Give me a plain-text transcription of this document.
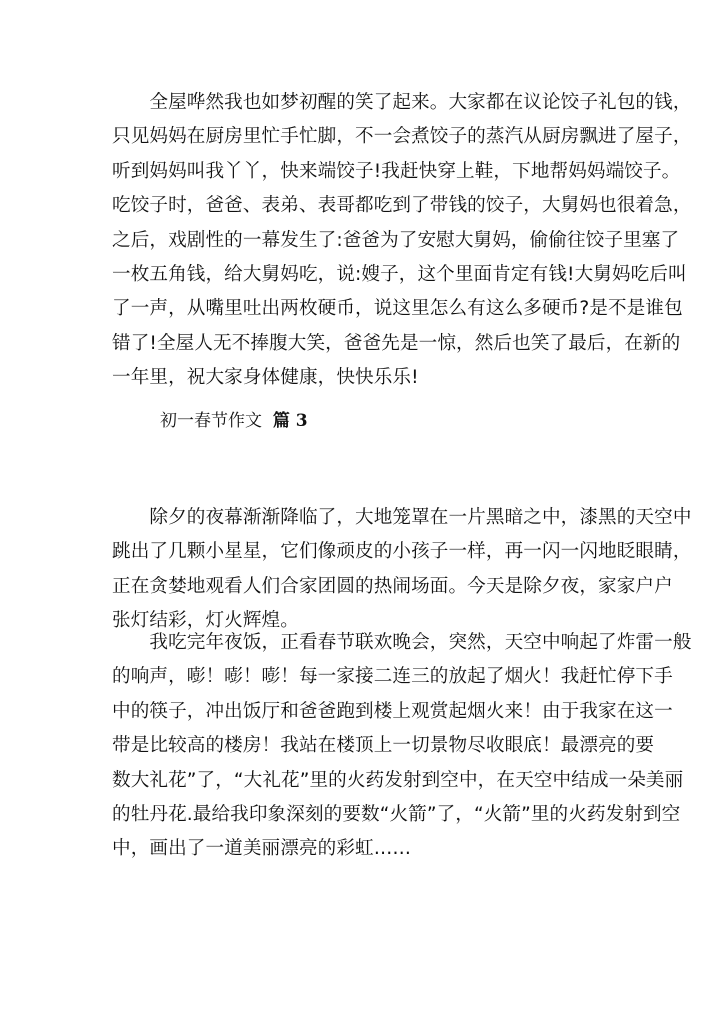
　　全屋哗然我也如梦初醒的笑了起来。大家都在议论饺子礼包的钱，
只见妈妈在厨房里忙手忙脚，不一会煮饺子的蒸汽从厨房飘进了屋子，
听到妈妈叫我丫丫，快来端饺子!我赶快穿上鞋，下地帮妈妈端饺子。
吃饺子时，爸爸、表弟、表哥都吃到了带钱的饺子，大舅妈也很着急，
之后，戏剧性的一幕发生了:爸爸为了安慰大舅妈，偷偷往饺子里塞了
一枚五角钱，给大舅妈吃，说:嫂子，这个里面肯定有钱!大舅妈吃后叫
了一声，从嘴里吐出两枚硬币，说这里怎么有这么多硬币?是不是谁包
错了!全屋人无不捧腹大笑，爸爸先是一惊，然后也笑了最后，在新的
一年里，祝大家身体健康，快快乐乐!
初一春节作文 篇 3
　　除夕的夜幕渐渐降临了，大地笼罩在一片黑暗之中，漆黑的天空中
跳出了几颗小星星，它们像顽皮的小孩子一样，再一闪一闪地眨眼睛，
正在贪婪地观看人们合家团圆的热闹场面。今天是除夕夜，家家户户
张灯结彩，灯火辉煌。
　　我吃完年夜饭，正看春节联欢晚会，突然，天空中响起了炸雷一般
的响声，嘭！嘭！嘭！每一家接二连三的放起了烟火！我赶忙停下手
中的筷子，冲出饭厅和爸爸跑到楼上观赏起烟火来！由于我家在这一
带是比较高的楼房！我站在楼顶上一切景物尽收眼底！最漂亮的要
数大礼花”了，“大礼花”里的火药发射到空中，在天空中结成一朵美丽
的牡丹花.最给我印象深刻的要数“火箭”了，“火箭”里的火药发射到空
中，画出了一道美丽漂亮的彩虹……
